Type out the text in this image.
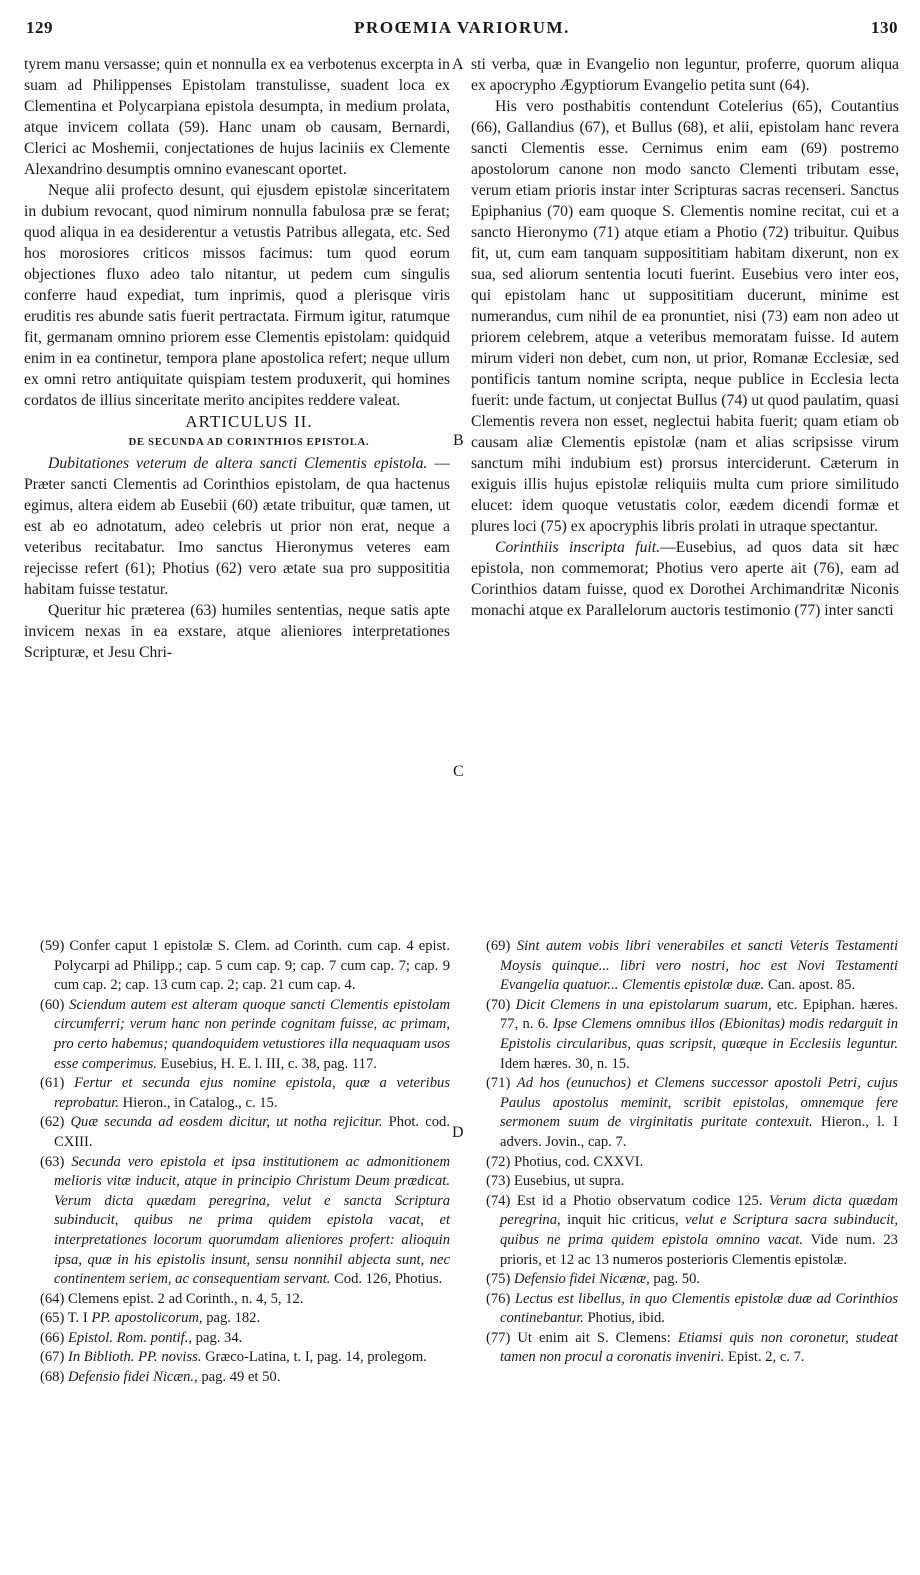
129	PROŒMIA VARIORUM.	130
A
B
C
D

tyrem manu versasse; quin et nonnulla ex ea verbotenus excerpta in suam ad Philippenses Epistolam transtulisse, suadent loca ex Clementina et Polycarpiana epistola desumpta, in medium prolata, atque invicem collata (59). Hanc unam ob causam, Bernardi, Clerici ac Moshemii, conjectationes de hujus laciniis ex Clemente Alexandrino desumptis omnino evanescant oportet.

Neque alii profecto desunt, qui ejusdem epistolæ sinceritatem in dubium revocant, quod nimirum nonnulla fabulosa præ se ferat; quod aliqua in ea desiderentur a vetustis Patribus allegata, etc. Sed hos morosiores criticos missos facimus: tum quod eorum objectiones fluxo adeo talo nitantur, ut pedem cum singulis conferre haud expediat, tum inprimis, quod a plerisque viris eruditis res abunde satis fuerit pertractata. Firmum igitur, ratumque fit, germanam omnino priorem esse Clementis epistolam: quidquid enim in ea continetur, tempora plane apostolica refert; neque ullum ex omni retro antiquitate quispiam testem produxerit, qui homines cordatos de illius sinceritate merito ancipites reddere valeat.

ARTICULUS II.

DE SECUNDA AD CORINTHIOS EPISTOLA.

Dubitationes veterum de altera sancti Clementis epistola. — Præter sancti Clementis ad Corinthios epistolam, de qua hactenus egimus, altera eidem ab Eusebii (60) ætate tribuitur, quæ tamen, ut est ab eo adnotatum, adeo celebris ut prior non erat, neque a veteribus recitabatur. Imo sanctus Hieronymus veteres eam rejecisse refert (61); Photius (62) vero ætate sua pro supposititia habitam fuisse testatur.

Queritur hic præterea (63) humiles sententias, neque satis apte invicem nexas in ea exstare, atque alieniores interpretationes Scripturæ, et Jesu Chri-

sti verba, quæ in Evangelio non leguntur, proferre, quorum aliqua ex apocrypho Ægyptiorum Evangelio petita sunt (64).

His vero posthabitis contendunt Cotelerius (65), Coutantius (66), Gallandius (67), et Bullus (68), et alii, epistolam hanc revera sancti Clementis esse. Cernimus enim eam (69) postremo apostolorum canone non modo sancto Clementi tributam esse, verum etiam prioris instar inter Scripturas sacras recenseri. Sanctus Epiphanius (70) eam quoque S. Clementis nomine recitat, cui et a sancto Hieronymo (71) atque etiam a Photio (72) tribuitur. Quibus fit, ut, cum eam tanquam supposititiam habitam dixerunt, non ex sua, sed aliorum sententia locuti fuerint. Eusebius vero inter eos, qui epistolam hanc ut supposititiam ducerunt, minime est numerandus, cum nihil de ea pronuntiet, nisi (73) eam non adeo ut priorem celebrem, atque a veteribus memoratam fuisse. Id autem mirum videri non debet, cum non, ut prior, Romanæ Ecclesiæ, sed pontificis tantum nomine scripta, neque publice in Ecclesia lecta fuerit: unde factum, ut conjectat Bullus (74) ut quod paulatim, quasi Clementis revera non esset, neglectui habita fuerit; quam etiam ob causam aliæ Clementis epistolæ (nam et alias scripsisse virum sanctum mihi indubium est) prorsus interciderunt. Cæterum in exiguis illis hujus epistolæ reliquiis multa cum priore similitudo elucet: idem quoque vetustatis color, eædem dicendi formæ et plures loci (75) ex apocryphis libris prolati in utraque spectantur.

Corinthiis inscripta fuit.—Eusebius, ad quos data sit hæc epistola, non commemorat; Photius vero aperte ait (76), eam ad Corinthios datam fuisse, quod ex Dorothei Archimandritæ Niconis monachi atque ex Parallelorum auctoris testimonio (77) inter sancti

(59) Confer caput 1 epistolæ S. Clem. ad Corinth. cum cap. 4 epist. Polycarpi ad Philipp.; cap. 5 cum cap. 9; cap. 7 cum cap. 7; cap. 9 cum cap. 2; cap. 13 cum cap. 2; cap. 21 cum cap. 4.

(60) Sciendum autem est alteram quoque sancti Clementis epistolam circumferri; verum hanc non perinde cognitam fuisse, ac primam, pro certo habemus; quandoquidem vetustiores illa nequaquam usos esse comperimus. Eusebius, H. E. l. III, c. 38, pag. 117.

(61) Fertur et secunda ejus nomine epistola, quæ a veteribus reprobatur. Hieron., in Catalog., c. 15.

(62) Quæ secunda ad eosdem dicitur, ut notha rejicitur. Phot. cod. CXIII.

(63) Secunda vero epistola et ipsa institutionem ac admonitionem melioris vitæ inducit, atque in principio Christum Deum prædicat. Verum dicta quædam peregrina, velut e sancta Scriptura subinducit, quibus ne prima quidem epistola vacat, et interpretationes locorum quorumdam alieniores profert: alioquin ipsa, quæ in his epistolis insunt, sensu nonnihil abjecta sunt, nec continentem seriem, ac consequentiam servant. Cod. 126, Photius.

(64) Clemens epist. 2 ad Corinth., n. 4, 5, 12.

(65) T. I PP. apostolicorum, pag. 182.

(66) Epistol. Rom. pontif., pag. 34.

(67) In Biblioth. PP. noviss. Græco-Latina, t. I, pag. 14, prolegom.

(68) Defensio fidei Nicæn., pag. 49 et 50.

(69) Sint autem vobis libri venerabiles et sancti Veteris Testamenti Moysis quinque... libri vero nostri, hoc est Novi Testamenti Evangelia quatuor... Clementis epistolæ duæ. Can. apost. 85.

(70) Dicit Clemens in una epistolarum suarum, etc. Epiphan. hæres. 77, n. 6. Ipse Clemens omnibus illos (Ebionitas) modis redarguit in Epistolis circularibus, quas scripsit, quæque in Ecclesiis leguntur. Idem hæres. 30, n. 15.

(71) Ad hos (eunuchos) et Clemens successor apostoli Petri, cujus Paulus apostolus meminit, scribit epistolas, omnemque fere sermonem suum de virginitatis puritate contexuit. Hieron., l. I advers. Jovin., cap. 7.

(72) Photius, cod. CXXVI.

(73) Eusebius, ut supra.

(74) Est id a Photio observatum codice 125. Verum dicta quædam peregrina, inquit hic criticus, velut e Scriptura sacra subinducit, quibus ne prima quidem epistola omnino vacat. Vide num. 23 prioris, et 12 ac 13 numeros posterioris Clementis epistolæ.

(75) Defensio fidei Nicænæ, pag. 50.

(76) Lectus est libellus, in quo Clementis epistolæ duæ ad Corinthios continebantur. Photius, ibid.

(77) Ut enim ait S. Clemens: Etiamsi quis non coronetur, studeat tamen non procul a coronatis inveniri. Epist. 2, c. 7.
